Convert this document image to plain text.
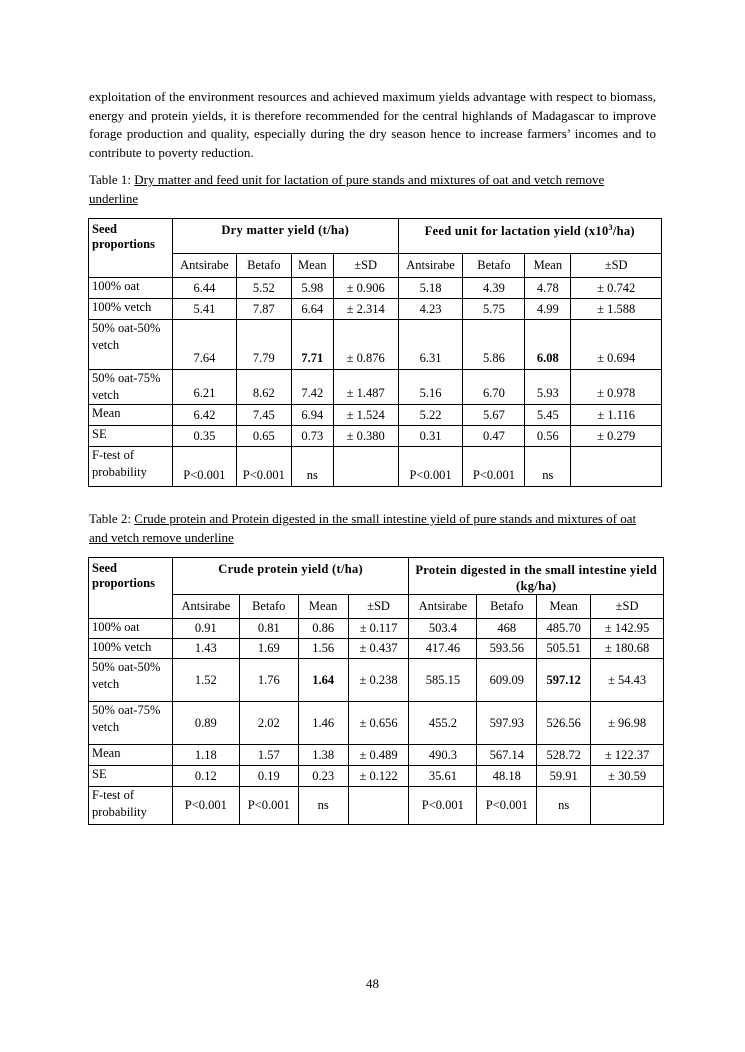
exploitation of the environment resources and achieved maximum yields advantage with respect to biomass, energy and protein yields, it is therefore recommended for the central highlands of Madagascar to improve forage production and quality, especially during the dry season hence to increase farmers’ incomes and to contribute to poverty reduction.

Table 1: Dry matter and feed unit for lactation of pure stands and mixtures of oat and vetch remove underline

Seed proportions	Dry matter yield (t/ha)				Feed unit for lactation yield $(x10^3/ha)$			
	Antsirabe	Betafo	Mean	±SD	Antsirabe	Betafo	Mean	±SD
100% oat	6.44	5.52	5.98	± 0.906	5.18	4.39	4.78	± 0.742
100% vetch	5.41	7.87	6.64	± 2.314	4.23	5.75	4.99	± 1.588
50% oat-50% vetch	7.64	7.79	7.71	± 0.876	6.31	5.86	6.08	± 0.694
50% oat-75% vetch	6.21	8.62	7.42	± 1.487	5.16	6.70	5.93	± 0.978
Mean	6.42	7.45	6.94	± 1.524	5.22	5.67	5.45	± 1.116
SE	0.35	0.65	0.73	± 0.380	0.31	0.47	0.56	± 0.279
F-test of probability	P<0.001	P<0.001	ns		P<0.001	P<0.001	ns	

Table 2: Crude protein and Protein digested in the small intestine yield of pure stands and mixtures of oat and vetch remove underline

Seed proportions	Crude protein yield (t/ha)				Protein digested in the small intestine yield (kg/ha)			
	Antsirabe	Betafo	Mean	±SD	Antsirabe	Betafo	Mean	±SD
100% oat	0.91	0.81	0.86	± 0.117	503.4	468	485.70	± 142.95
100% vetch	1.43	1.69	1.56	± 0.437	417.46	593.56	505.51	± 180.68
50% oat-50% vetch	1.52	1.76	1.64	± 0.238	585.15	609.09	597.12	± 54.43
50% oat-75% vetch	0.89	2.02	1.46	± 0.656	455.2	597.93	526.56	± 96.98
Mean	1.18	1.57	1.38	± 0.489	490.3	567.14	528.72	± 122.37
SE	0.12	0.19	0.23	± 0.122	35.61	48.18	59.91	± 30.59
F-test of probability	P<0.001	P<0.001	ns		P<0.001	P<0.001	ns	
48
